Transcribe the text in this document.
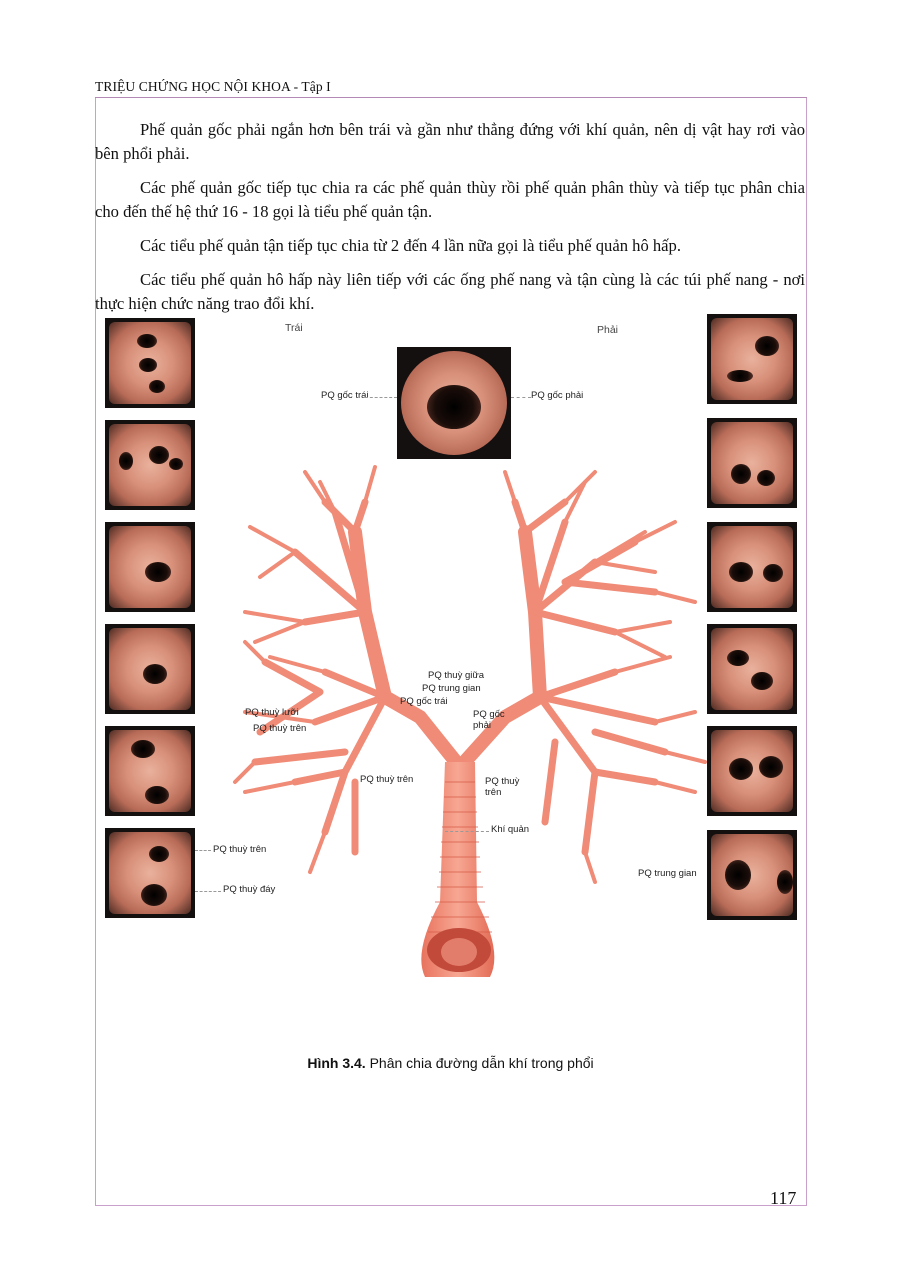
TRIỆU CHỨNG HỌC NỘI KHOA - Tập I

Phế quản gốc phải ngắn hơn bên trái và gần như thẳng đứng với khí quản, nên dị vật hay rơi vào bên phổi phải.

Các phế quản gốc tiếp tục chia ra các phế quản thùy rồi phế quản phân thùy và tiếp tục phân chia cho đến thế hệ thứ 16 - 18 gọi là tiểu phế quản tận.

Các tiểu phế quản tận tiếp tục chia từ 2 đến 4 lần nữa gọi là tiểu phế quản hô hấp.

Các tiểu phế quản hô hấp này liên tiếp với các ống phế nang và tận cùng là các túi phế nang - nơi thực hiện chức năng trao đổi khí.

Trái	Phải
PQ gốc trái	PQ gốc phải
PQ thuỳ giữa
PQ trung gian
PQ gốc trái
PQ gốc phải
PQ thuỳ lưỡi
PQ thuỳ trên
PQ thuỳ trên	PQ thuỳ trên
Khí quản
PQ thuỳ trên
PQ thuỳ đáy
PQ trung gian
Hình 3.4. Phân chia đường dẫn khí trong phổi
117
